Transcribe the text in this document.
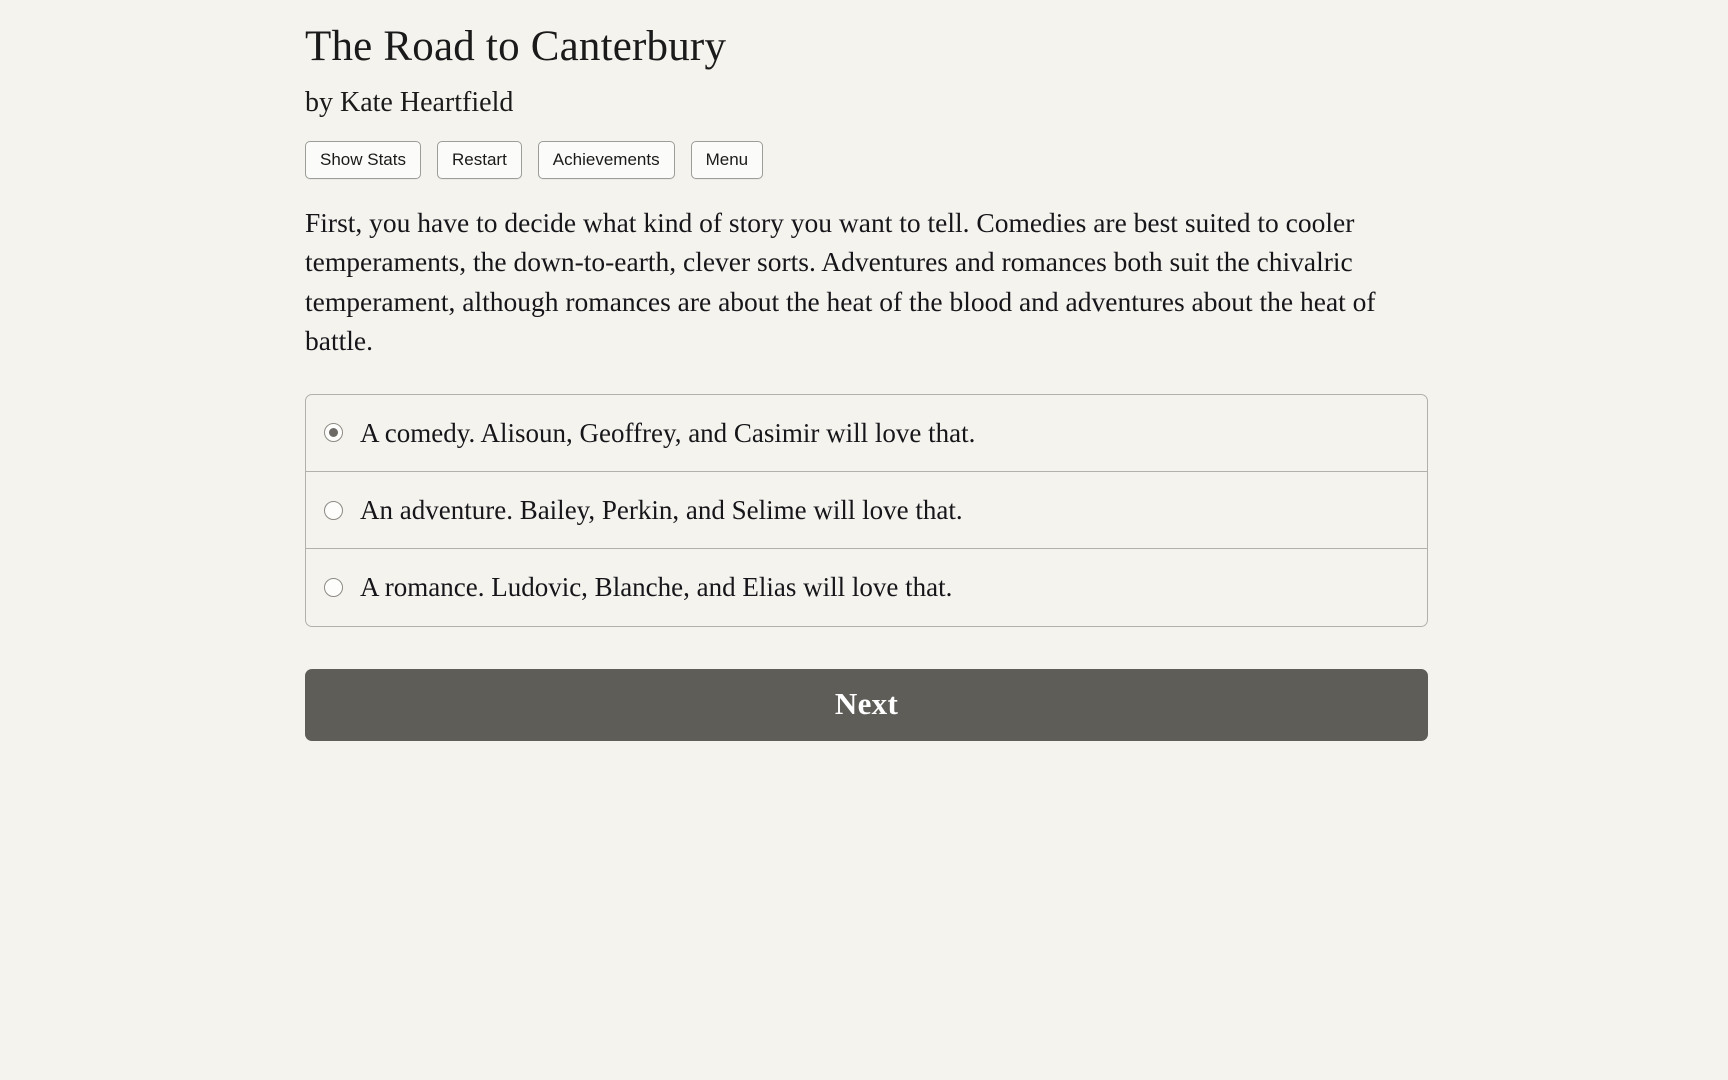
The Road to Canterbury
by Kate Heartfield
Show Stats	Restart	Achievements	Menu

First, you have to decide what kind of story you want to tell. Comedies are best suited to cooler temperaments, the down-to-earth, clever sorts. Adventures and romances both suit the chivalric temperament, although romances are about the heat of the blood and adventures about the heat of battle.

A comedy. Alisoun, Geoffrey, and Casimir will love that.
An adventure. Bailey, Perkin, and Selime will love that.
A romance. Ludovic, Blanche, and Elias will love that.
Next
